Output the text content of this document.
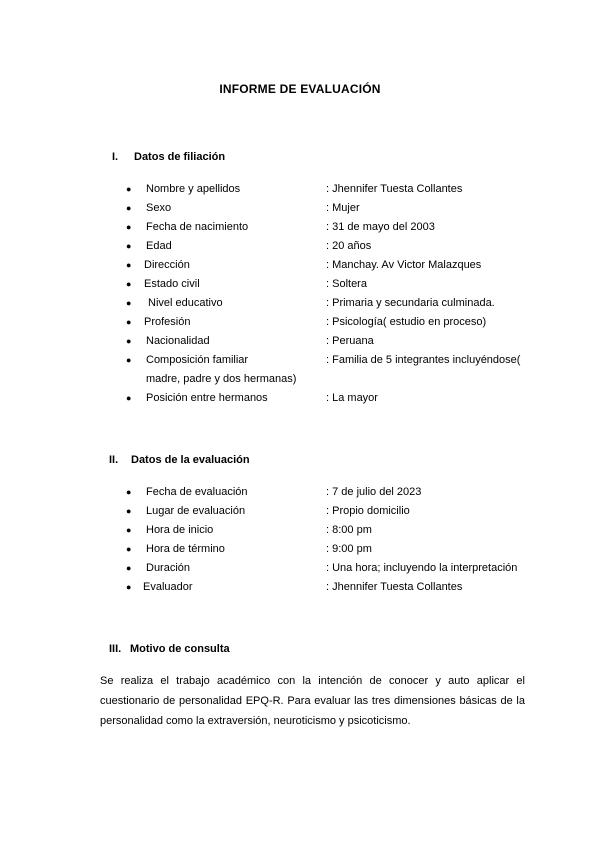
INFORME DE EVALUACIÓN
I. Datos de filiación
● Nombre y apellidos	: Jhennifer Tuesta Collantes
● Sexo	: Mujer
● Fecha de nacimiento	: 31 de mayo del 2003
● Edad	: 20 años
● Dirección	: Manchay. Av Victor Malazques
● Estado civil	: Soltera
● Nivel educativo	: Primaria y secundaria culminada.
● Profesión	: Psicología( estudio en proceso)
● Nacionalidad	: Peruana
● Composición familiar	: Familia de 5 integrantes incluyéndose(
madre, padre y dos hermanas)
● Posición entre hermanos	: La mayor
II. Datos de la evaluación
● Fecha de evaluación	: 7 de julio del 2023
● Lugar de evaluación	: Propio domicilio
● Hora de inicio	: 8:00 pm
● Hora de término	: 9:00 pm
● Duración	: Una hora; incluyendo la interpretación
● Evaluador	: Jhennifer Tuesta Collantes
III. Motivo de consulta
Se realiza el trabajo académico con la intención de conocer y auto aplicar el cuestionario de personalidad EPQ-R. Para evaluar las tres dimensiones básicas de la personalidad como la extraversión, neuroticismo y psicoticismo.
